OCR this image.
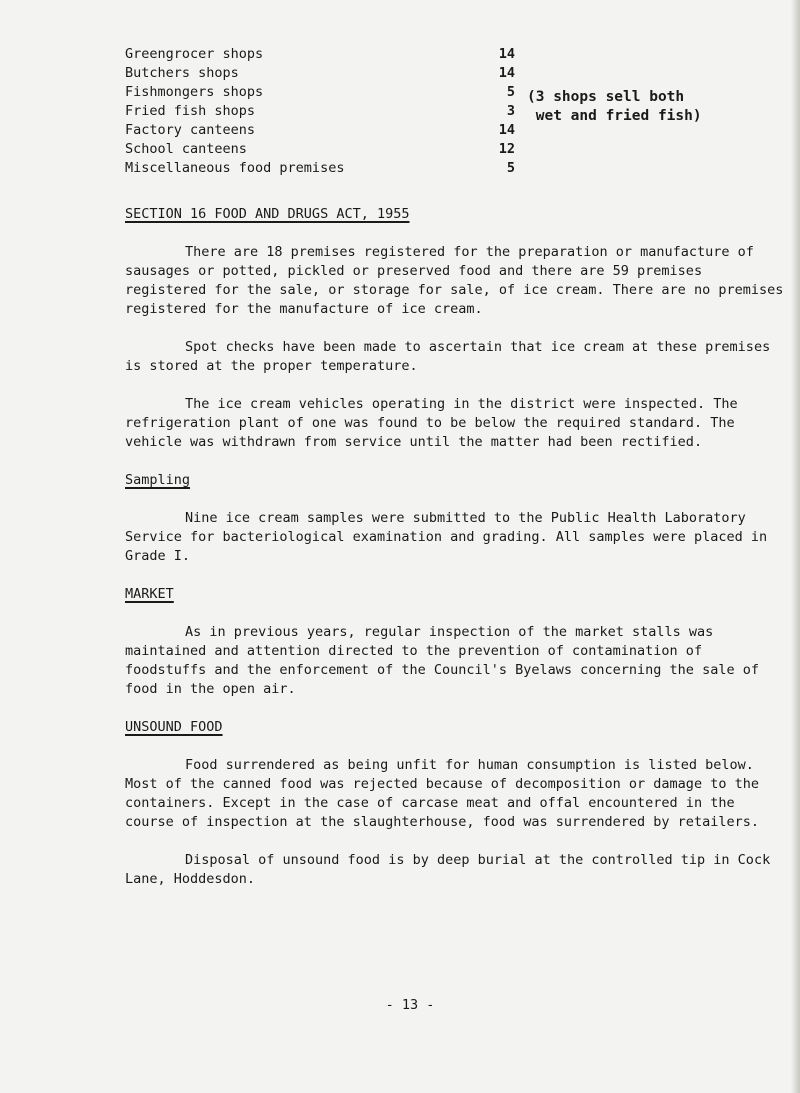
Greengrocer shops	14
Butchers shops	14
Fishmongers shops	5
Fried fish shops	3
Factory canteens	14
School canteens	12
Miscellaneous food premises	5
(3 shops sell both
wet and fried fish)
SECTION 16 FOOD AND DRUGS ACT, 1955

There are 18 premises registered for the preparation or manufacture of sausages or potted, pickled or preserved food and there are 59 premises registered for the sale, or storage for sale, of ice cream. There are no premises registered for the manufacture of ice cream.

Spot checks have been made to ascertain that ice cream at these premises is stored at the proper temperature.

The ice cream vehicles operating in the district were inspected. The refrigeration plant of one was found to be below the required standard. The vehicle was withdrawn from service until the matter had been rectified.

Sampling

Nine ice cream samples were submitted to the Public Health Laboratory Service for bacteriological examination and grading. All samples were placed in Grade I.

MARKET

As in previous years, regular inspection of the market stalls was maintained and attention directed to the prevention of contamination of foodstuffs and the enforcement of the Council's Byelaws concerning the sale of food in the open air.

UNSOUND FOOD

Food surrendered as being unfit for human consumption is listed below. Most of the canned food was rejected because of decomposition or damage to the containers. Except in the case of carcase meat and offal encountered in the course of inspection at the slaughterhouse, food was surrendered by retailers.

Disposal of unsound food is by deep burial at the controlled tip in Cock Lane, Hoddesdon.

- 13 -
